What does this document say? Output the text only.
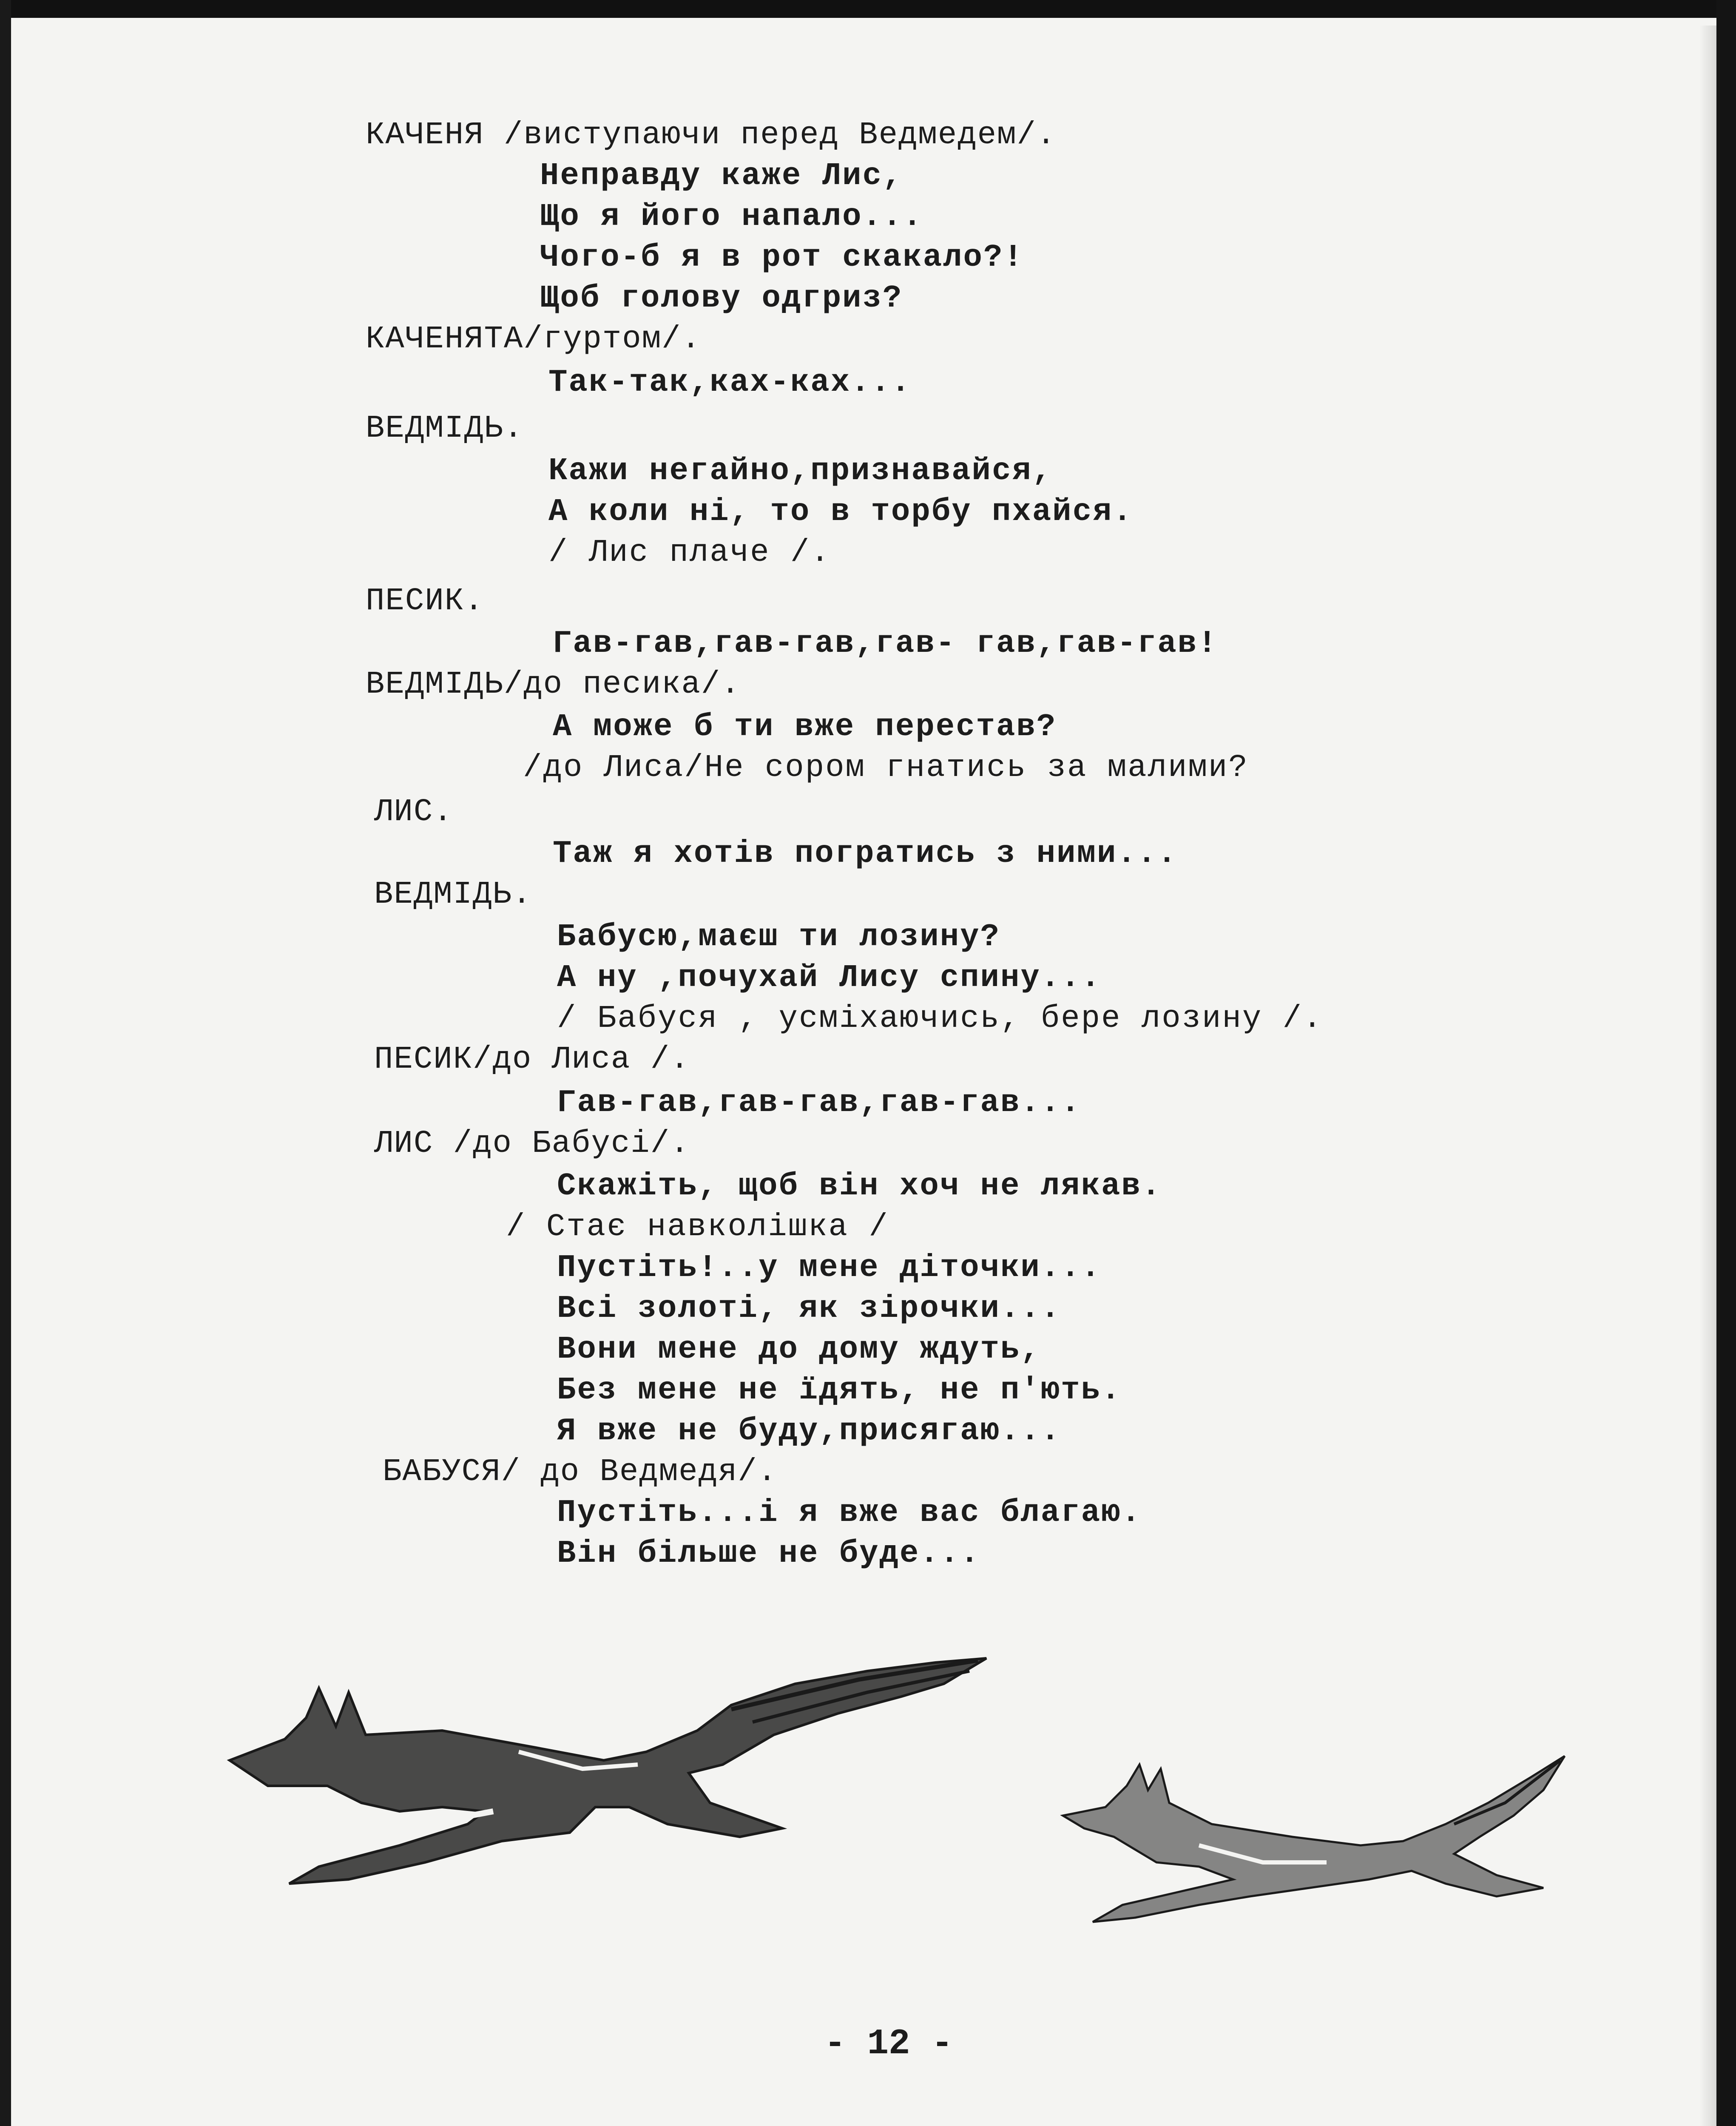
КАЧЕНЯ /виступаючи перед Ведмедем/.
Неправду каже Лис,
Що я його напало...
Чого-б я в рот скакало?!
Щоб голову одгриз?
КАЧЕНЯТА/гуртом/.
Так-так,ках-ках...
ВЕДМІДЬ.
Кажи негайно,признавайся,
А коли ні, то в торбу пхайся.
/ Лис плаче /.
ПЕСИК.
Гав-гав,гав-гав,гав- гав,гав-гав!
ВЕДМІДЬ/до песика/.
А може б ти вже перестав?
/до Лиса/Не сором гнатись за малими?
ЛИС.
Таж я хотів погратись з ними...
ВЕДМІДЬ.
Бабусю,маєш ти лозину?
А ну ,почухай Лису спину...
/ Бабуся , усміхаючись, бере лозину /.
ПЕСИК/до Лиса /.
Гав-гав,гав-гав,гав-гав...
ЛИС /до Бабусі/.
Скажіть, щоб він хоч не лякав.
/ Стає навколішка /
Пустіть!..у мене діточки...
Всі золоті, як зірочки...
Вони мене до дому ждуть,
Без мене не їдять, не п'ють.
Я вже не буду,присягаю...
БАБУСЯ/ до Ведмедя/.
Пустіть...і я вже вас благаю.
Він більше не буде...
- 12 -
